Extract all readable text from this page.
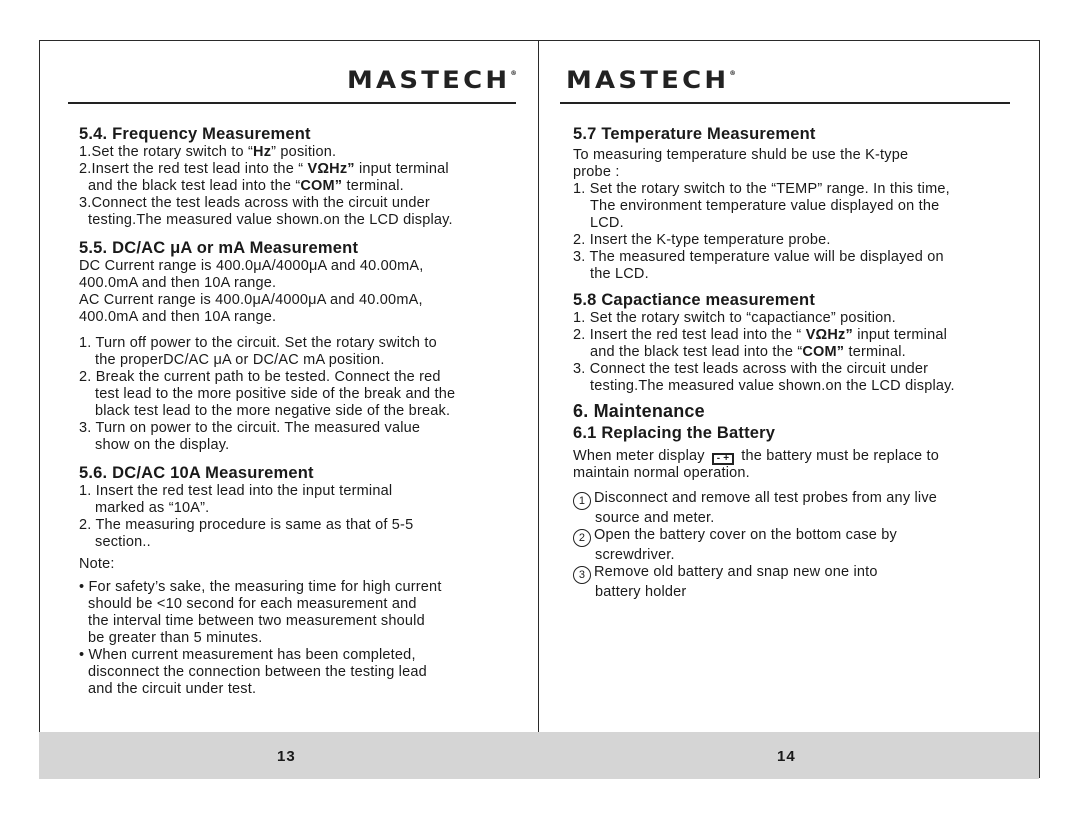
MASTECH® MASTECH®

5.4. Frequency Measurement

1.Set the rotary switch to “Hz” position.

2.Insert the red test lead into the “ VΩHz” input terminal

and the black test lead into the “COM” terminal.

3.Connect the test leads across with the circuit under

testing.The measured value shown.on the LCD display.

5.5. DC/AC μA or mA Measurement

DC Current range is 400.0μA/4000μA and 40.00mA,

400.0mA and then 10A range.

AC Current range is 400.0μA/4000μA and 40.00mA,

400.0mA and then 10A range.

1. Turn off power to the circuit. Set the rotary switch to

the properDC/AC μA or DC/AC mA position.

2. Break the current path to be tested. Connect the red

test lead to the more positive side of the break and the

black test lead to the more negative side of the break.

3. Turn on power to the circuit. The measured value

show on the display.

5.6. DC/AC 10A Measurement

1. Insert the red test lead into the input terminal

marked as “10A”.

2. The measuring procedure is same as that of 5-5

section..

Note:

• For safety’s sake, the measuring time for high current

should be <10 second for each measurement and

the interval time between two measurement should

be greater than 5 minutes.

• When current measurement has been completed,

disconnect the connection between the testing lead

and the circuit under test.

5.7 Temperature Measurement

To measuring temperature shuld be use the K-type

probe :

1. Set the rotary switch to the “TEMP” range. In this time,

The environment temperature value displayed on the

LCD.

2. Insert the K-type temperature probe.

3. The measured temperature value will be displayed on

the LCD.

5.8 Capactiance measurement

1. Set the rotary switch to “capactiance” position.

2. Insert the red test lead into the “ VΩHz” input terminal

and the black test lead into the “COM” terminal.

3. Connect the test leads across with the circuit under

testing.The measured value shown.on the LCD display.

6. Maintenance

6.1 Replacing the Battery

When meter display - + the battery must be replace to

maintain normal operation.

1 Disconnect and remove all test probes from any live

source and meter.

2 Open the battery cover on the bottom case by

screwdriver.

3 Remove old battery and snap new one into

battery holder

13	14
